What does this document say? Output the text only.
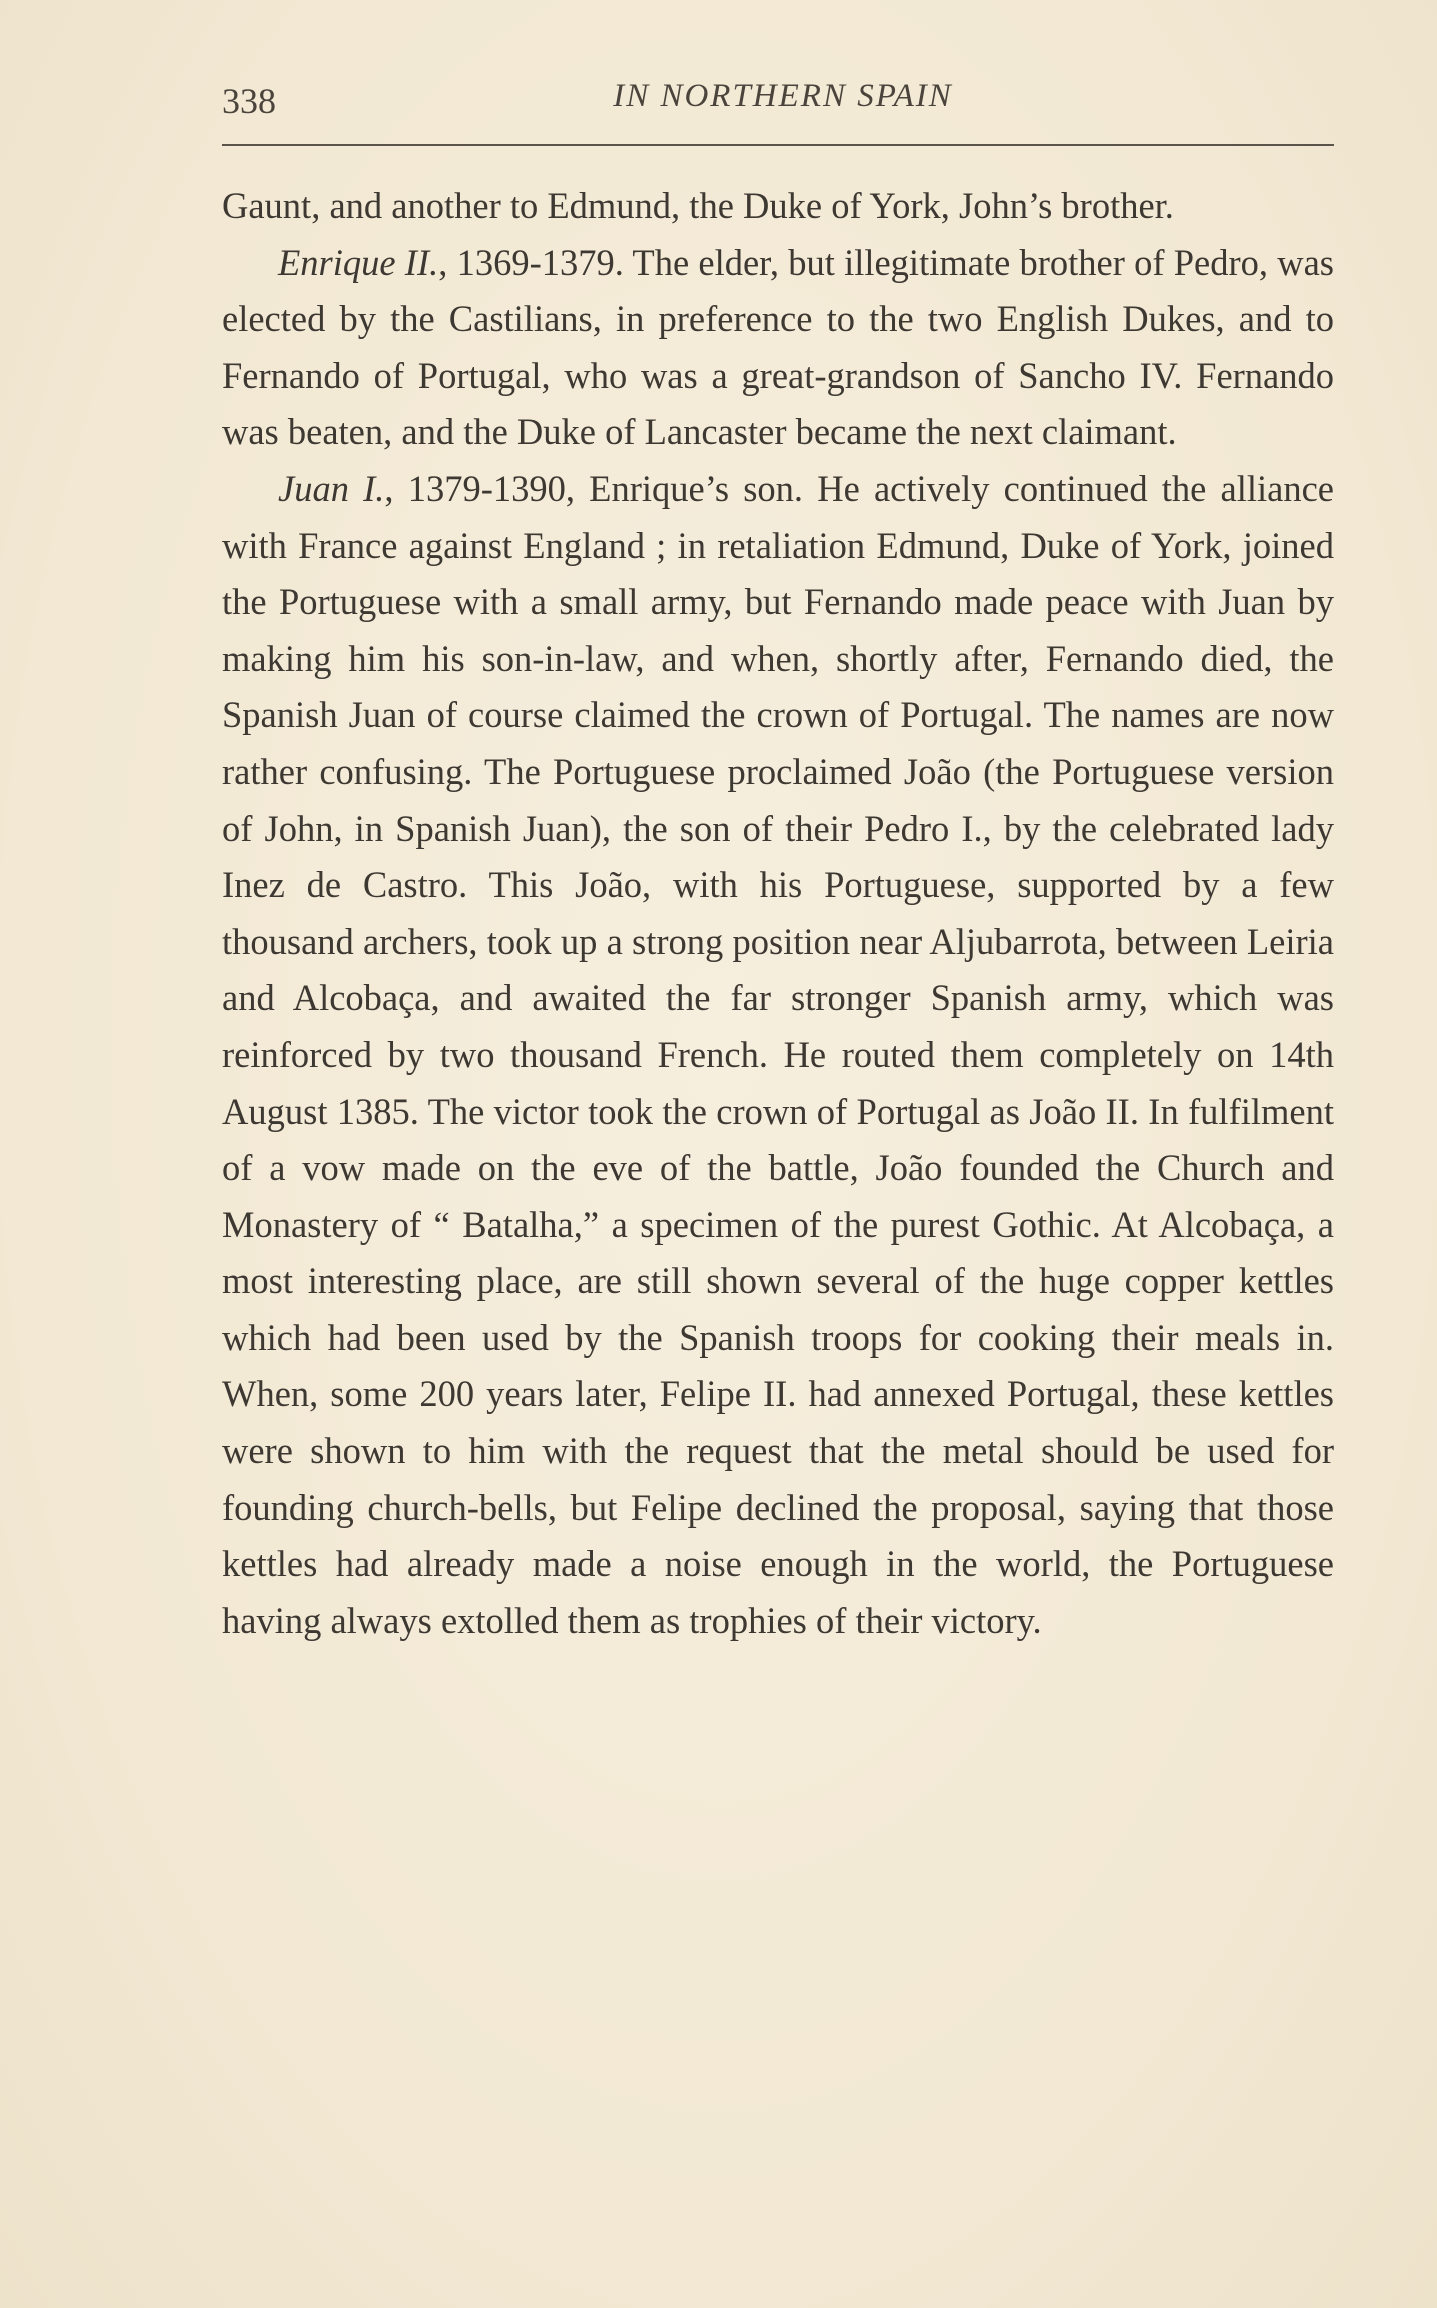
338	IN NORTHERN SPAIN

Gaunt, and another to Edmund, the Duke of York, John’s brother.

Enrique II., 1369-1379. The elder, but illegitimate brother of Pedro, was elected by the Castilians, in preference to the two English Dukes, and to Fernando of Portugal, who was a great-grandson of Sancho IV. Fernando was beaten, and the Duke of Lancaster became the next claimant.

Juan I., 1379-1390, Enrique’s son. He actively continued the alliance with France against England ; in retaliation Edmund, Duke of York, joined the Portuguese with a small army, but Fernando made peace with Juan by making him his son-in-law, and when, shortly after, Fernando died, the Spanish Juan of course claimed the crown of Portugal. The names are now rather confusing. The Portuguese proclaimed João (the Portuguese version of John, in Spanish Juan), the son of their Pedro I., by the celebrated lady Inez de Castro. This João, with his Portuguese, supported by a few thousand archers, took up a strong position near Aljubarrota, between Leiria and Alcobaça, and awaited the far stronger Spanish army, which was reinforced by two thousand French. He routed them completely on 14th August 1385. The victor took the crown of Portugal as João II. In fulfilment of a vow made on the eve of the battle, João founded the Church and Monastery of “ Batalha,” a specimen of the purest Gothic. At Alcobaça, a most interesting place, are still shown several of the huge copper kettles which had been used by the Spanish troops for cooking their meals in. When, some 200 years later, Felipe II. had annexed Portugal, these kettles were shown to him with the request that the metal should be used for founding church-bells, but Felipe declined the proposal, saying that those kettles had already made a noise enough in the world, the Portuguese having always extolled them as trophies of their victory.
